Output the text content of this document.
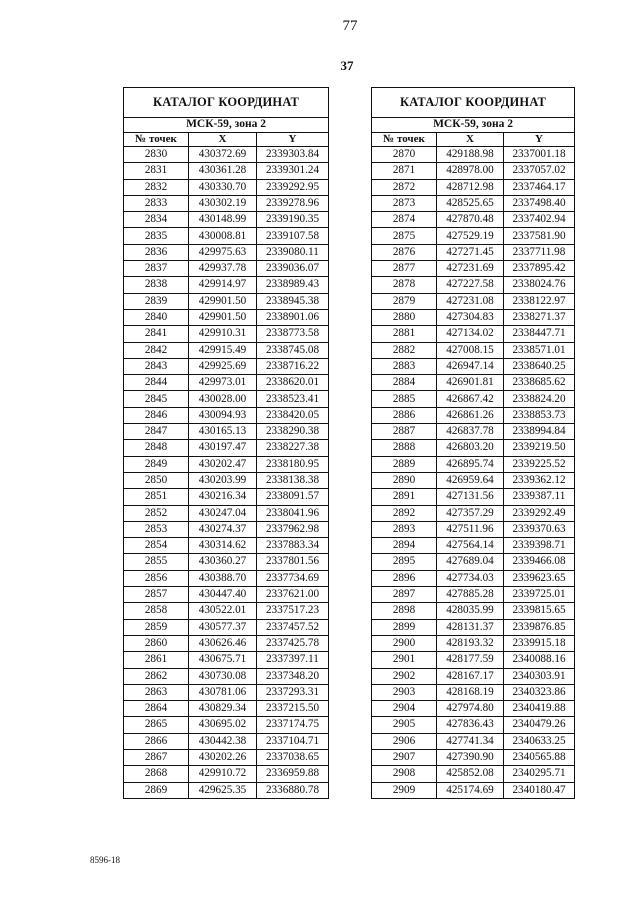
77
37
КАТАЛОГ КООРДИНАТ		
МСК-59, зона 2		
№ точек	X	Y
2830	430372.69	2339303.84
2831	430361.28	2339301.24
2832	430330.70	2339292.95
2833	430302.19	2339278.96
2834	430148.99	2339190.35
2835	430008.81	2339107.58
2836	429975.63	2339080.11
2837	429937.78	2339036.07
2838	429914.97	2338989.43
2839	429901.50	2338945.38
2840	429901.50	2338901.06
2841	429910.31	2338773.58
2842	429915.49	2338745.08
2843	429925.69	2338716.22
2844	429973.01	2338620.01
2845	430028.00	2338523.41
2846	430094.93	2338420.05
2847	430165.13	2338290.38
2848	430197.47	2338227.38
2849	430202.47	2338180.95
2850	430203.99	2338138.38
2851	430216.34	2338091.57
2852	430247.04	2338041.96
2853	430274.37	2337962.98
2854	430314.62	2337883.34
2855	430360.27	2337801.56
2856	430388.70	2337734.69
2857	430447.40	2337621.00
2858	430522.01	2337517.23
2859	430577.37	2337457.52
2860	430626.46	2337425.78
2861	430675.71	2337397.11
2862	430730.08	2337348.20
2863	430781.06	2337293.31
2864	430829.34	2337215.50
2865	430695.02	2337174.75
2866	430442.38	2337104.71
2867	430202.26	2337038.65
2868	429910.72	2336959.88
2869	429625.35	2336880.78
КАТАЛОГ КООРДИНАТ		
МСК-59, зона 2		
№ точек	X	Y
2870	429188.98	2337001.18
2871	428978.00	2337057.02
2872	428712.98	2337464.17
2873	428525.65	2337498.40
2874	427870.48	2337402.94
2875	427529.19	2337581.90
2876	427271.45	2337711.98
2877	427231.69	2337895.42
2878	427227.58	2338024.76
2879	427231.08	2338122.97
2880	427304.83	2338271.37
2881	427134.02	2338447.71
2882	427008.15	2338571.01
2883	426947.14	2338640.25
2884	426901.81	2338685.62
2885	426867.42	2338824.20
2886	426861.26	2338853.73
2887	426837.78	2338994.84
2888	426803.20	2339219.50
2889	426895.74	2339225.52
2890	426959.64	2339362.12
2891	427131.56	2339387.11
2892	427357.29	2339292.49
2893	427511.96	2339370.63
2894	427564.14	2339398.71
2895	427689.04	2339466.08
2896	427734.03	2339623.65
2897	427885.28	2339725.01
2898	428035.99	2339815.65
2899	428131.37	2339876.85
2900	428193.32	2339915.18
2901	428177.59	2340088.16
2902	428167.17	2340303.91
2903	428168.19	2340323.86
2904	427974.80	2340419.88
2905	427836.43	2340479.26
2906	427741.34	2340633.25
2907	427390.90	2340565.88
2908	425852.08	2340295.71
2909	425174.69	2340180.47
8596-18
